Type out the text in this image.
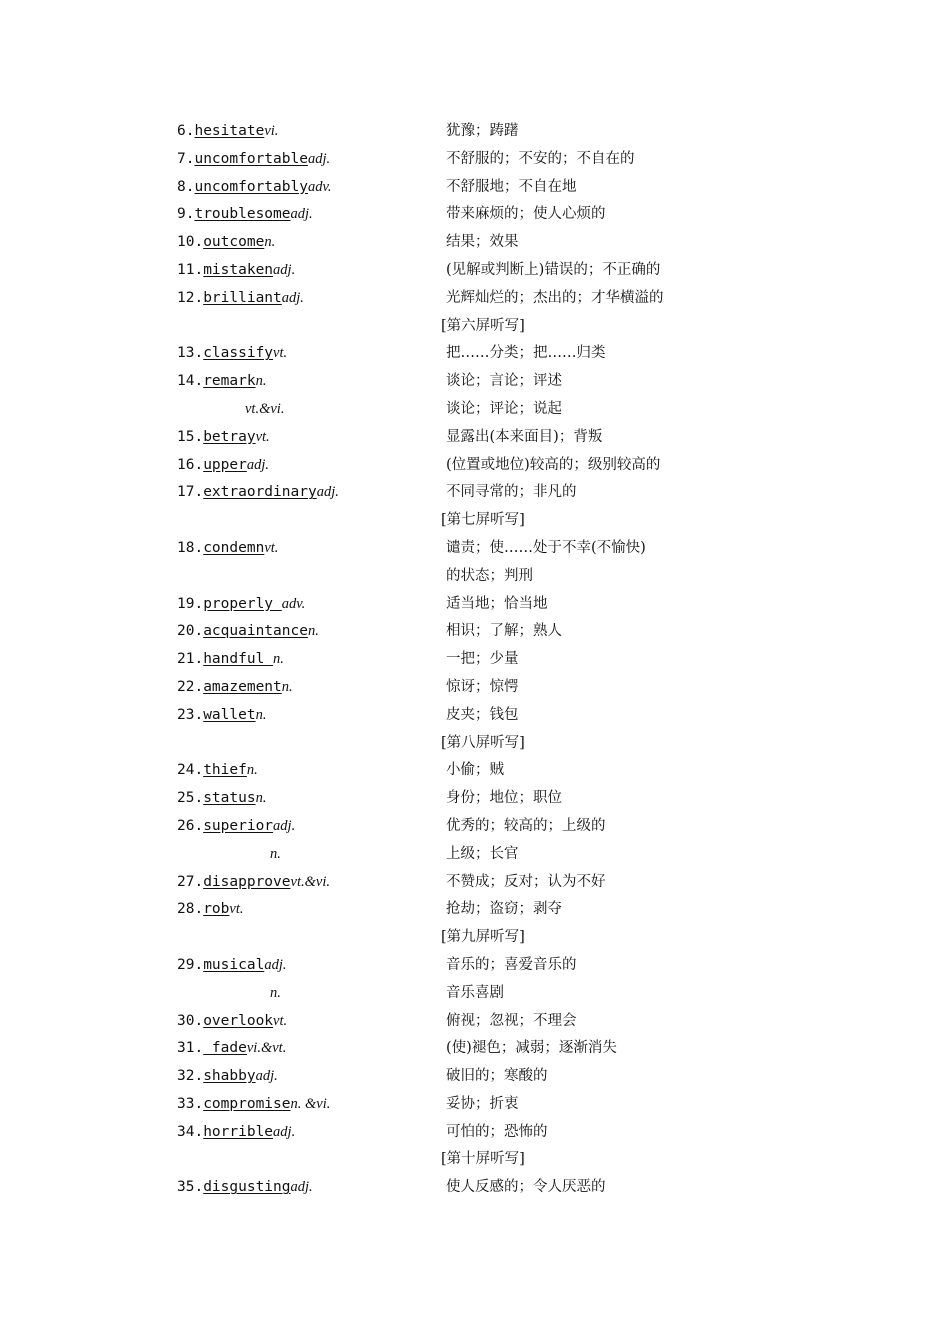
6.hesitatevi.	犹豫；踌躇
7.uncomfortableadj.	不舒服的；不安的；不自在的
8.uncomfortablyadv.	不舒服地；不自在地
9.troublesomeadj.	带来麻烦的；使人心烦的
10.outcomen.	结果；效果
11.mistakenadj.	(见解或判断上)错误的；不正确的
12.brilliantadj.	光辉灿烂的；杰出的；才华横溢的
[第六屏听写]
13.classifyvt.	把……分类；把……归类
14.remarkn.	谈论；言论；评述
vt.&vi.	谈论；评论；说起
15.betrayvt.	显露出(本来面目)；背叛
16.upperadj.	(位置或地位)较高的；级别较高的
17.extraordinaryadj.	不同寻常的；非凡的
[第七屏听写]
18.condemnvt.	谴责；使……处于不幸(不愉快)
的状态；判刑
19.properly adv.	适当地；恰当地
20.acquaintancen.	相识；了解；熟人
21.handful n.	一把；少量
22.amazementn.	惊讶；惊愕
23.walletn.	皮夹；钱包
[第八屏听写]
24.thiefn.	小偷；贼
25.statusn.	身份；地位；职位
26.superioradj.	优秀的；较高的；上级的
n.	上级；长官
27.disapprovevt.&vi.	不赞成；反对；认为不好
28.robvt.	抢劫；盗窃；剥夺
[第九屏听写]
29.musicaladj.	音乐的；喜爱音乐的
n.	音乐喜剧
30.overlookvt.	俯视；忽视；不理会
31. fadevi.&vt.	(使)褪色；减弱；逐渐消失
32.shabbyadj.	破旧的；寒酸的
33.compromisen. &vi.	妥协；折衷
34.horribleadj.	可怕的；恐怖的
[第十屏听写]
35.disgustingadj.	使人反感的；令人厌恶的
